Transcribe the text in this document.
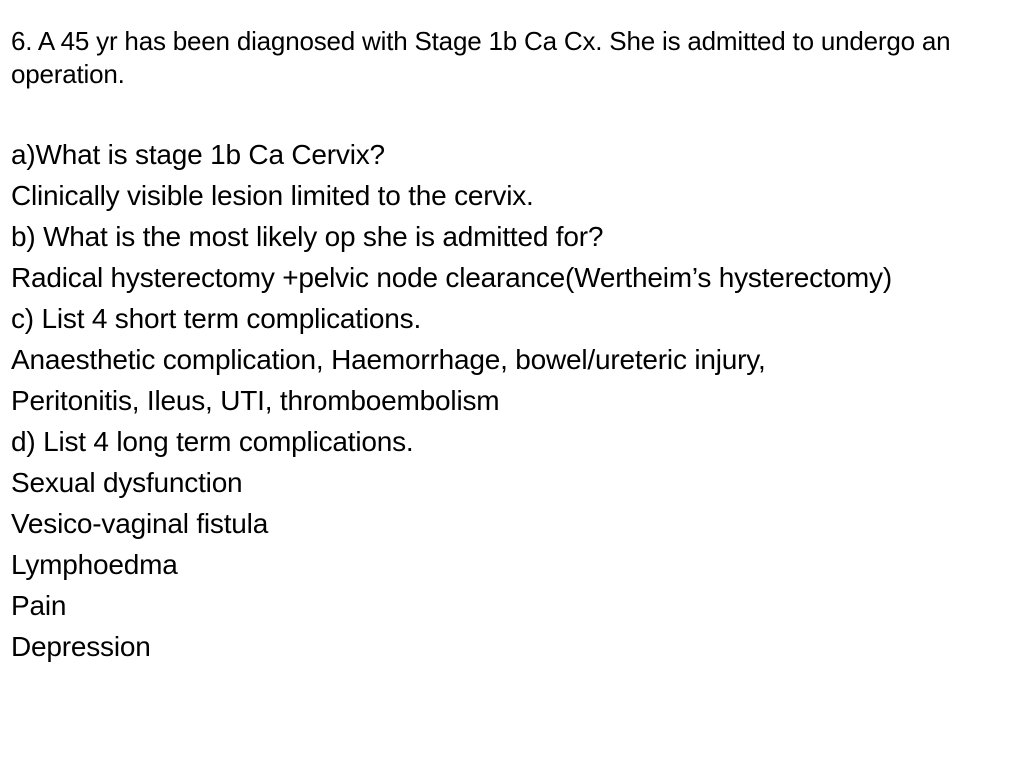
6. A 45 yr has been diagnosed with Stage 1b Ca Cx. She is admitted to undergo an operation.
a)What is stage 1b Ca Cervix?
Clinically visible lesion limited to the cervix.
b) What is the most likely op she is admitted for?
Radical hysterectomy +pelvic node clearance(Wertheim’s hysterectomy)
c) List 4 short term complications.
Anaesthetic complication, Haemorrhage, bowel/ureteric injury,
Peritonitis, Ileus, UTI, thromboembolism
d) List 4 long term complications.
Sexual dysfunction
Vesico-vaginal fistula
Lymphoedma
Pain
Depression
